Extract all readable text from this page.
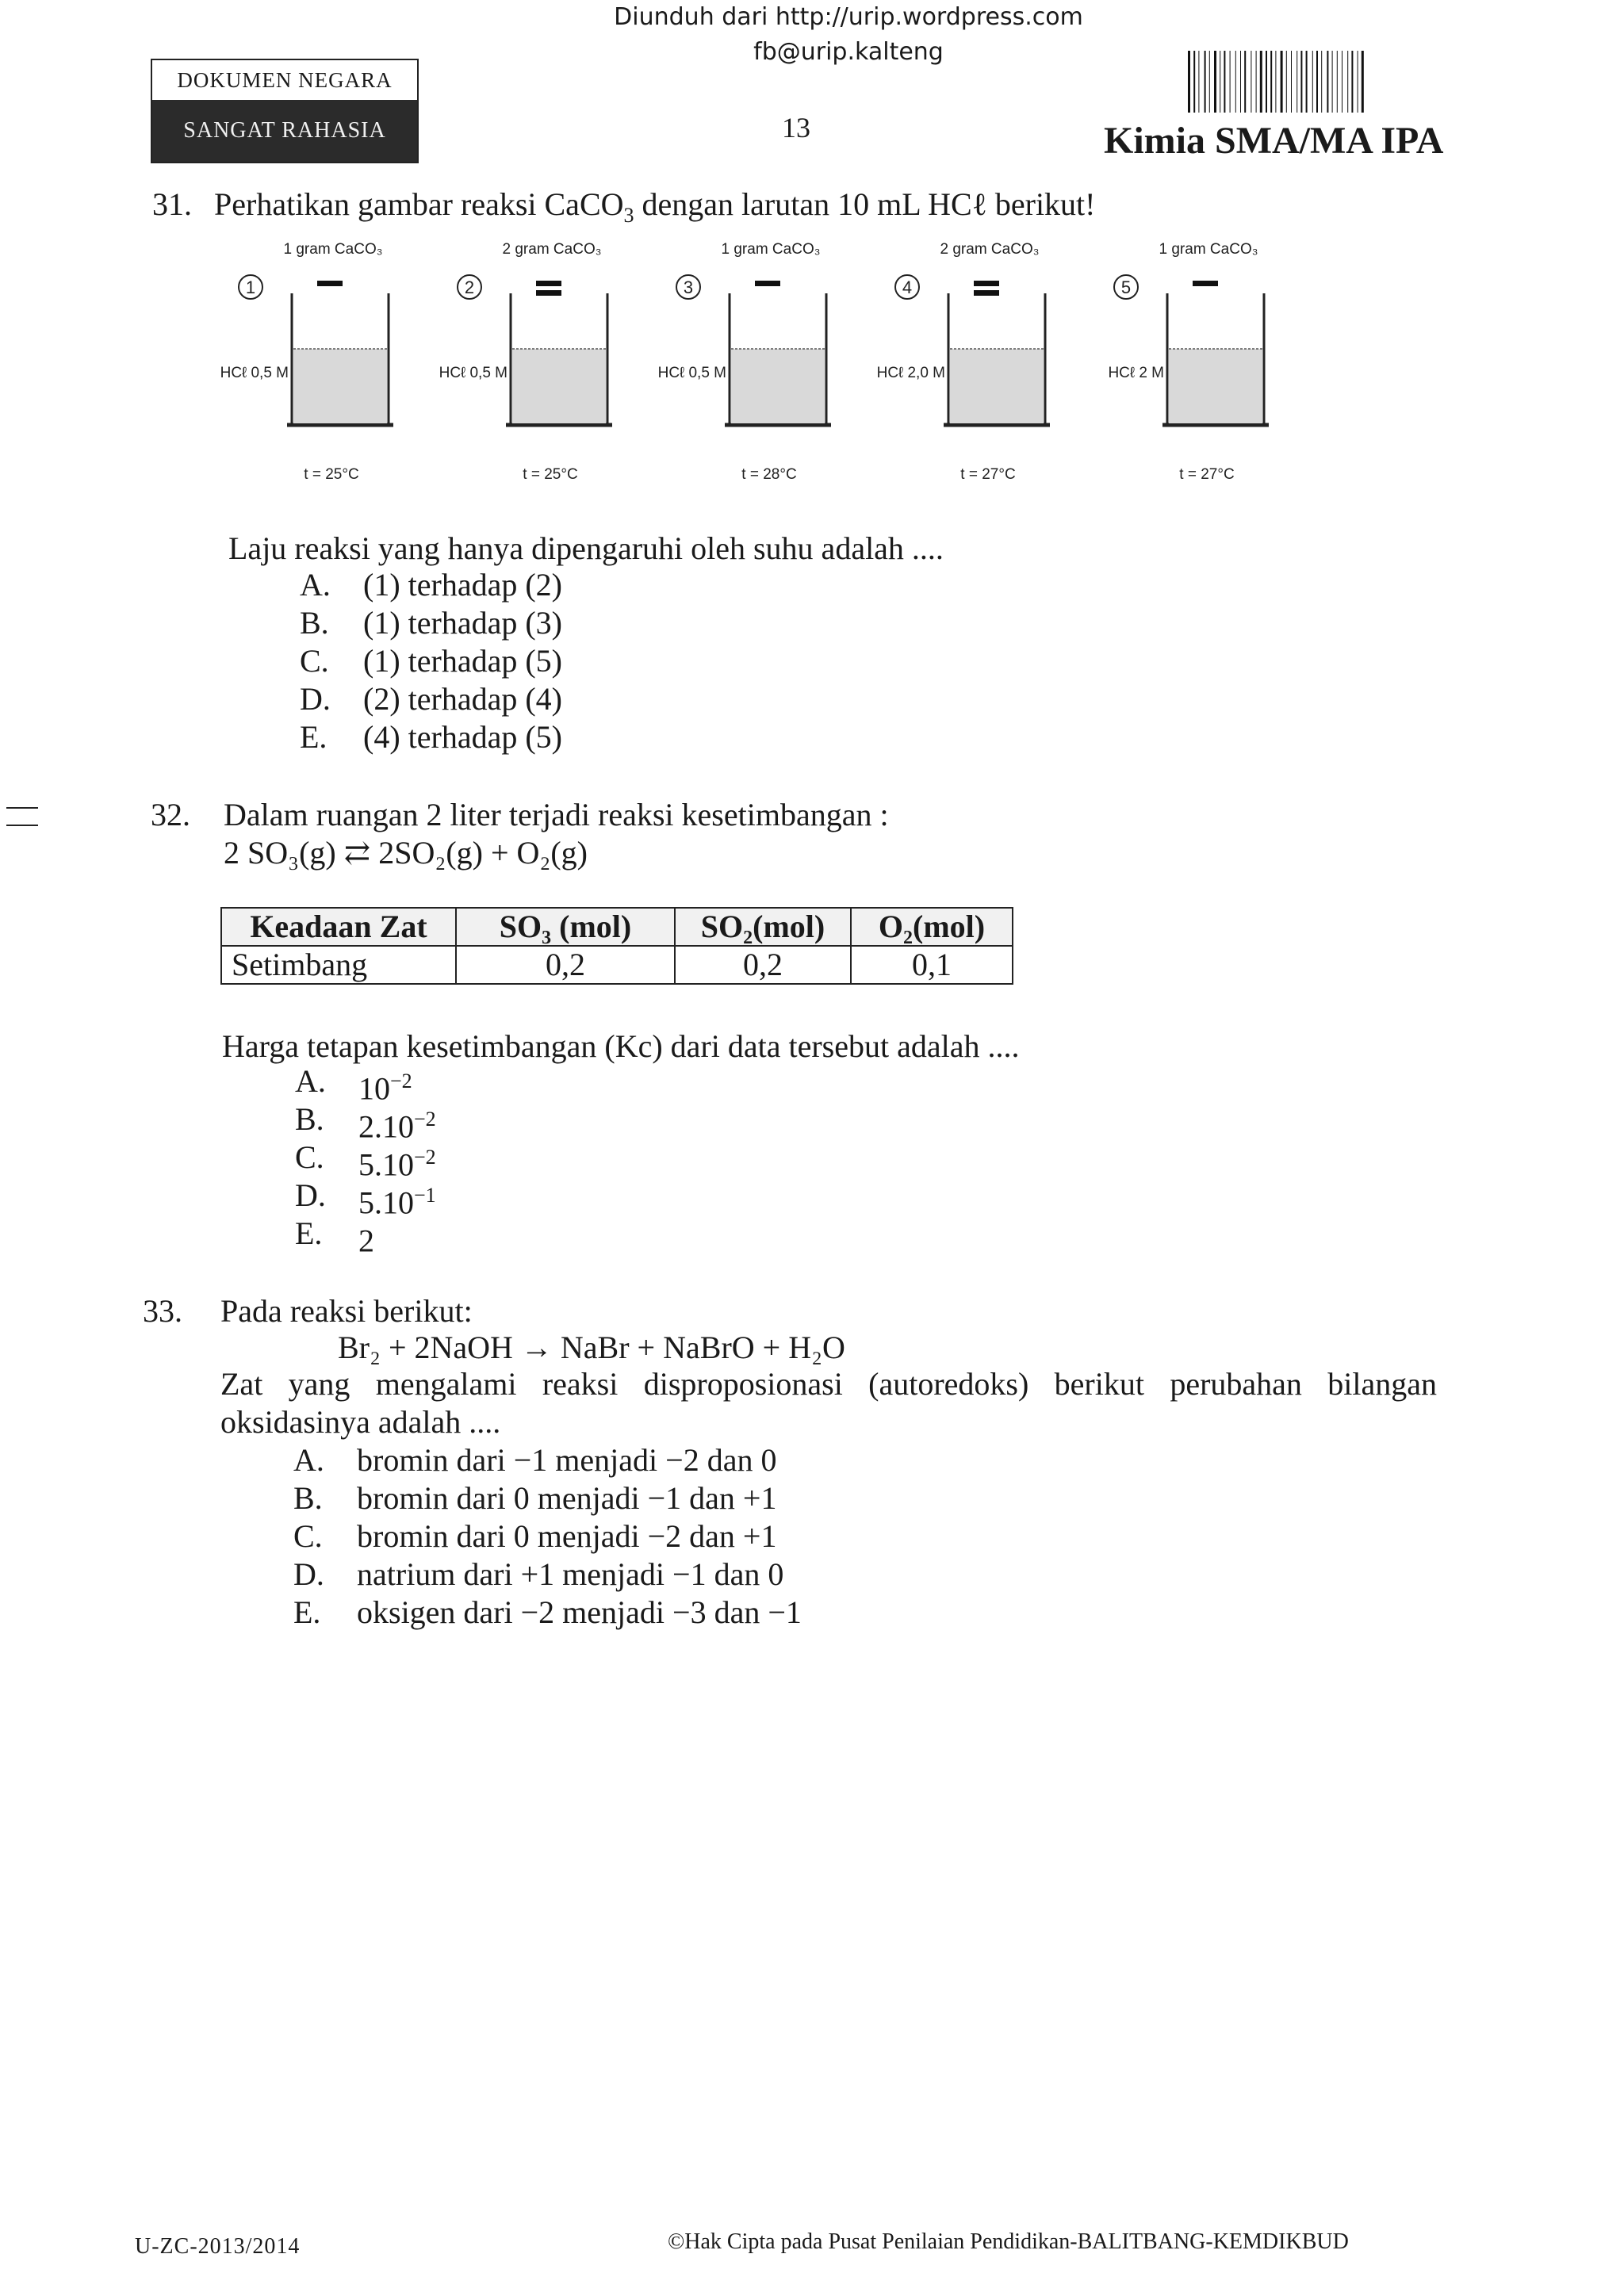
Diunduh dari http://urip.wordpress.com
fb@urip.kalteng
DOKUMEN NEGARA
SANGAT RAHASIA	13	Kimia SMA/MA IPA
31. Perhatikan gambar reaksi CaCO$_3$ dengan larutan 10 mL HCℓ berikut!
1 gram CaCO₃
1
HCℓ 0,5 M
t = 25°C
2 gram CaCO₃
2
HCℓ 0,5 M
t = 25°C
1 gram CaCO₃
3
HCℓ 0,5 M
t = 28°C
2 gram CaCO₃
4
HCℓ 2,0 M
t = 27°C
1 gram CaCO₃
5
HCℓ 2 M
t = 27°C
Laju reaksi yang hanya dipengaruhi oleh suhu adalah ....
A.	(1) terhadap (2)
B.	(1) terhadap (3)
C.	(1) terhadap (5)
D.	(2) terhadap (4)
E.	(4) terhadap (5)
32. Dalam ruangan 2 liter terjadi reaksi kesetimbangan :
2 SO₃(g) ⇄ 2SO₂(g) + O₂(g)
Keadaan Zat	SO₃ (mol)	SO₂(mol)	O₂(mol)
Setimbang	0,2	0,2	0,1
Harga tetapan kesetimbangan (Kc) dari data tersebut adalah ....
A.	$10^{-2}$
B.	$2.10^{-2}$
C.	$5.10^{-2}$
D.	$5.10^{-1}$
E.	2
33. Pada reaksi berikut:
Br₂ + 2NaOH → NaBr + NaBrO + H₂O
Zat yang mengalami reaksi disproposionasi (autoredoks) berikut perubahan bilangan
oksidasinya adalah ....
A.	bromin dari −1 menjadi −2 dan 0
B.	bromin dari 0 menjadi −1 dan +1
C.	bromin dari 0 menjadi −2 dan +1
D.	natrium dari +1 menjadi −1 dan 0
E.	oksigen dari −2 menjadi −3 dan −1
U-ZC-2013/2014	©Hak Cipta pada Pusat Penilaian Pendidikan-BALITBANG-KEMDIKBUD
